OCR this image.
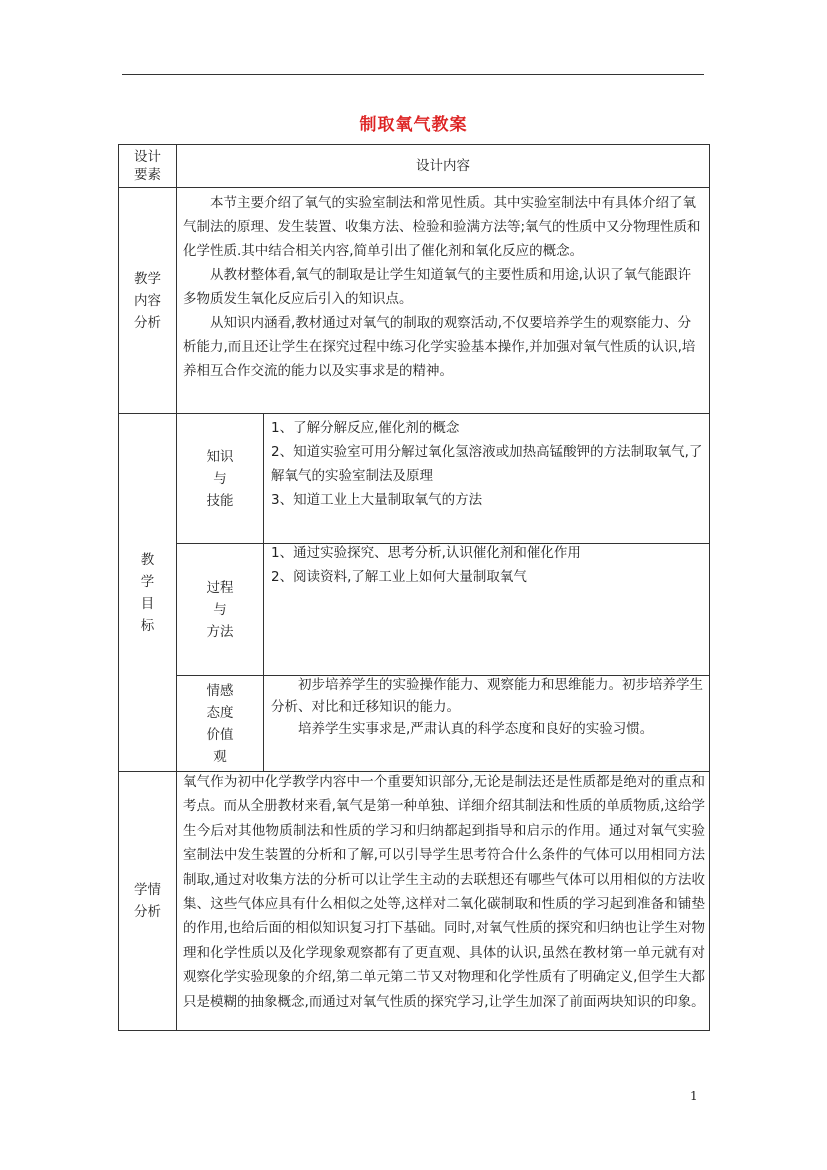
制取氧气教案
设计
要素
设计内容
教学
内容
分析

本节主要介绍了氧气的实验室制法和常见性质。其中实验室制法中有具体介绍了氧气制法的原理、发生装置、收集方法、检验和验满方法等;氧气的性质中又分物理性质和化学性质.其中结合相关内容,简单引出了催化剂和氧化反应的概念。

从教材整体看,氧气的制取是让学生知道氧气的主要性质和用途,认识了氧气能跟许多物质发生氧化反应后引入的知识点。

从知识内涵看,教材通过对氧气的制取的观察活动,不仅要培养学生的观察能力、分析能力,而且还让学生在探究过程中练习化学实验基本操作,并加强对氧气性质的认识,培养相互合作交流的能力以及实事求是的精神。

教
学
目
标
知识
与
技能
1、了解分解反应,催化剂的概念
2、知道实验室可用分解过氧化氢溶液或加热高锰酸钾的方法制取氧气,了解氧气的实验室制法及原理
3、知道工业上大量制取氧气的方法
过程
与
方法
1、通过实验探究、思考分析,认识催化剂和催化作用
2、阅读资料,了解工业上如何大量制取氧气
情感
态度
价值
观

初步培养学生的实验操作能力、观察能力和思维能力。初步培养学生分析、对比和迁移知识的能力。

培养学生实事求是,严肃认真的科学态度和良好的实验习惯。

学情
分析
氧气作为初中化学教学内容中一个重要知识部分,无论是制法还是性质都是绝对的重点和考点。而从全册教材来看,氧气是第一种单独、详细介绍其制法和性质的单质物质,这给学生今后对其他物质制法和性质的学习和归纳都起到指导和启示的作用。通过对氧气实验室制法中发生装置的分析和了解,可以引导学生思考符合什么条件的气体可以用相同方法制取,通过对收集方法的分析可以让学生主动的去联想还有哪些气体可以用相似的方法收集、这些气体应具有什么相似之处等,这样对二氧化碳制取和性质的学习起到准备和铺垫的作用,也给后面的相似知识复习打下基础。同时,对氧气性质的探究和归纳也让学生对物理和化学性质以及化学现象观察都有了更直观、具体的认识,虽然在教材第一单元就有对观察化学实验现象的介绍,第二单元第二节又对物理和化学性质有了明确定义,但学生大都只是模糊的抽象概念,而通过对氧气性质的探究学习,让学生加深了前面两块知识的印象。
1
